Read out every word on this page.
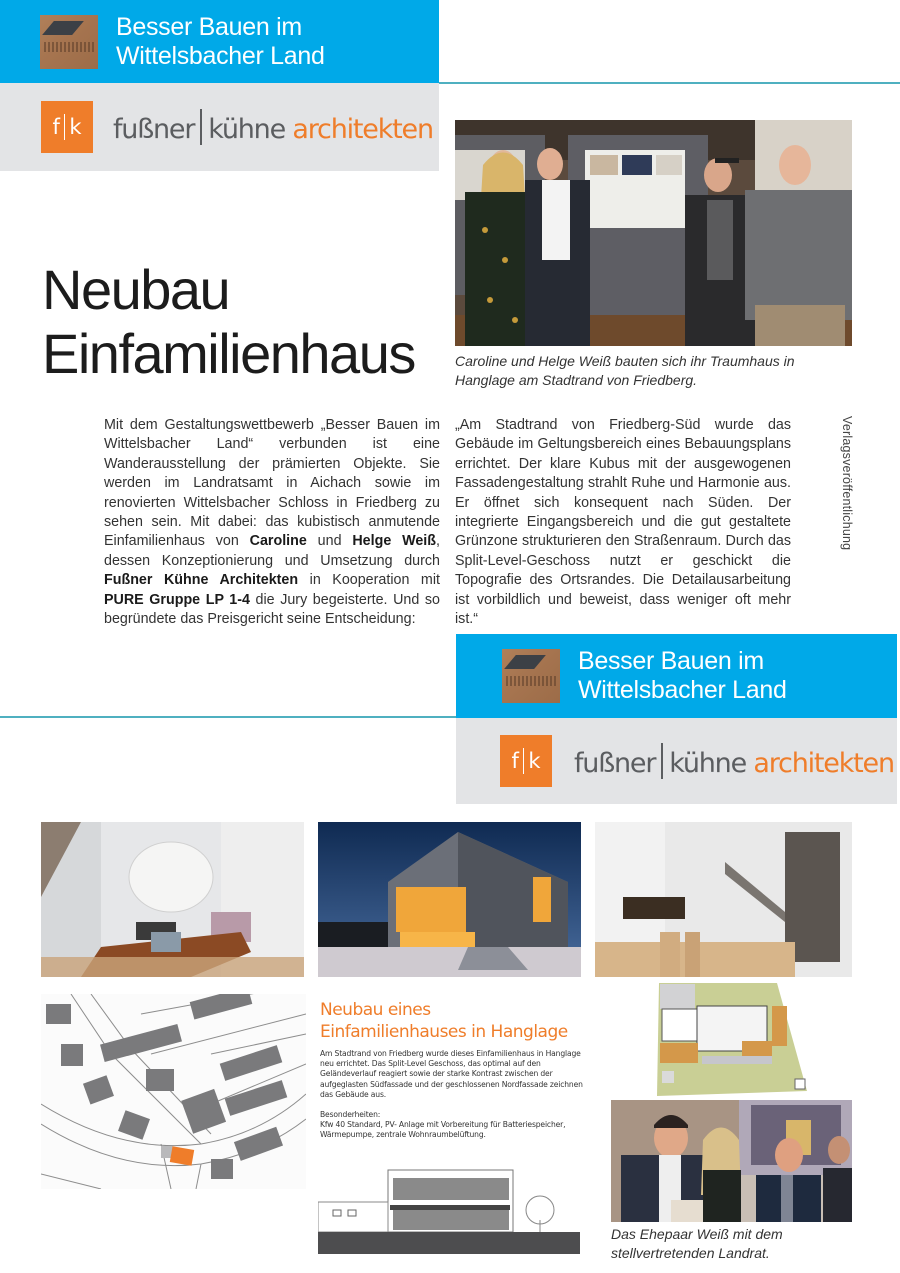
Besser Bauen im
Wittelsbacher Land
f k fußner kühne architekten
Neubau
Einfamilienhaus	Caroline und Helge Weiß bauten sich ihr Traumhaus in Hanglage am Stadtrand von Friedberg.
Mit dem Gestaltungswettbewerb „Besser Bauen im Wittelsbacher Land“ verbunden ist eine Wanderausstellung der prämierten Objekte. Sie werden im Landratsamt in Aichach sowie im renovierten Wittelsbacher Schloss in Friedberg zu sehen sein. Mit dabei: das kubistisch anmutende Einfamilienhaus von Caroline und Helge Weiß, dessen Konzeptionierung und Umsetzung durch Fußner Kühne Architekten in Kooperation mit PURE Gruppe LP 1-4 die Jury begeisterte. Und so begründete das Preisgericht seine Entscheidung:
„Am Stadtrand von Friedberg-Süd wurde das Gebäude im Geltungsbereich eines Bebauungsplans errichtet. Der klare Kubus mit der ausgewogenen Fassadengestaltung strahlt Ruhe und Harmonie aus. Er öffnet sich konsequent nach Süden. Der integrierte Eingangsbereich und die gut gestaltete Grünzone strukturieren den Straßenraum. Durch das Split-Level-Geschoss nutzt er geschickt die Topografie des Ortsrandes. Die Detailausarbeitung ist vorbildlich und beweist, dass weniger oft mehr ist.“
Verlagsveröffentlichung
Besser Bauen im
Wittelsbacher Land
f k fußner kühne architekten
Neubau eines
Einfamilienhauses in Hanglage
Am Stadtrand von Friedberg wurde dieses Einfamilienhaus in Hanglage neu errichtet. Das Split-Level Geschoss, das optimal auf den Geländeverlauf reagiert sowie der starke Kontrast zwischen der aufgeglasten Südfassade und der geschlossenen Nordfassade zeichnen das Gebäude aus.
Besonderheiten:
Kfw 40 Standard, PV- Anlage mit Vorbereitung für Batteriespeicher, Wärmepumpe, zentrale Wohnraumbelüftung.
Das Ehepaar Weiß mit dem stellvertretenden Landrat.
